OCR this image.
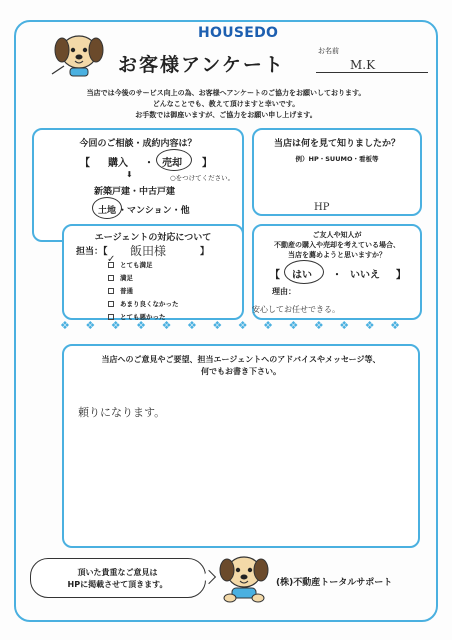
HOUSEDO
お客様アンケート
お名前
M.K
当店では今後のサービス向上の為、お客様へアンケートのご協力をお願いしております。
どんなことでも、教えて頂けますと幸いです。
お手数では御座いますが、ご協力をお願い申し上げます。
今回のご相談・成約内容は？
【 購入 ・ 売却 】
⬇	○をつけてください。
新築戸建・中古戸建
土地 ・マンション・他
当店は何を見て知りましたか？
例）HP・SUUMO・看板等
HP
エージェントの対応について
担当：【 飯田様	】
とても満足
✓
満足
普通
あまり良くなかった
とても悪かった
ご友人や知人が
不動産の購入や売却を考えている場合、
当店を薦めようと思いますか？
【 はい ・ いいえ 】
理由：
安心してお任せできる。
❖ ❖ ❖ ❖ ❖ ❖ ❖ ❖ ❖ ❖ ❖ ❖ ❖ ❖
当店へのご意見やご要望、担当エージェントへのアドバイスやメッセージ等、
何でもお書き下さい。
頼りになります。
頂いた貴重なご意見は
HPに掲載させて頂きます。	(株)不動産トータルサポート
